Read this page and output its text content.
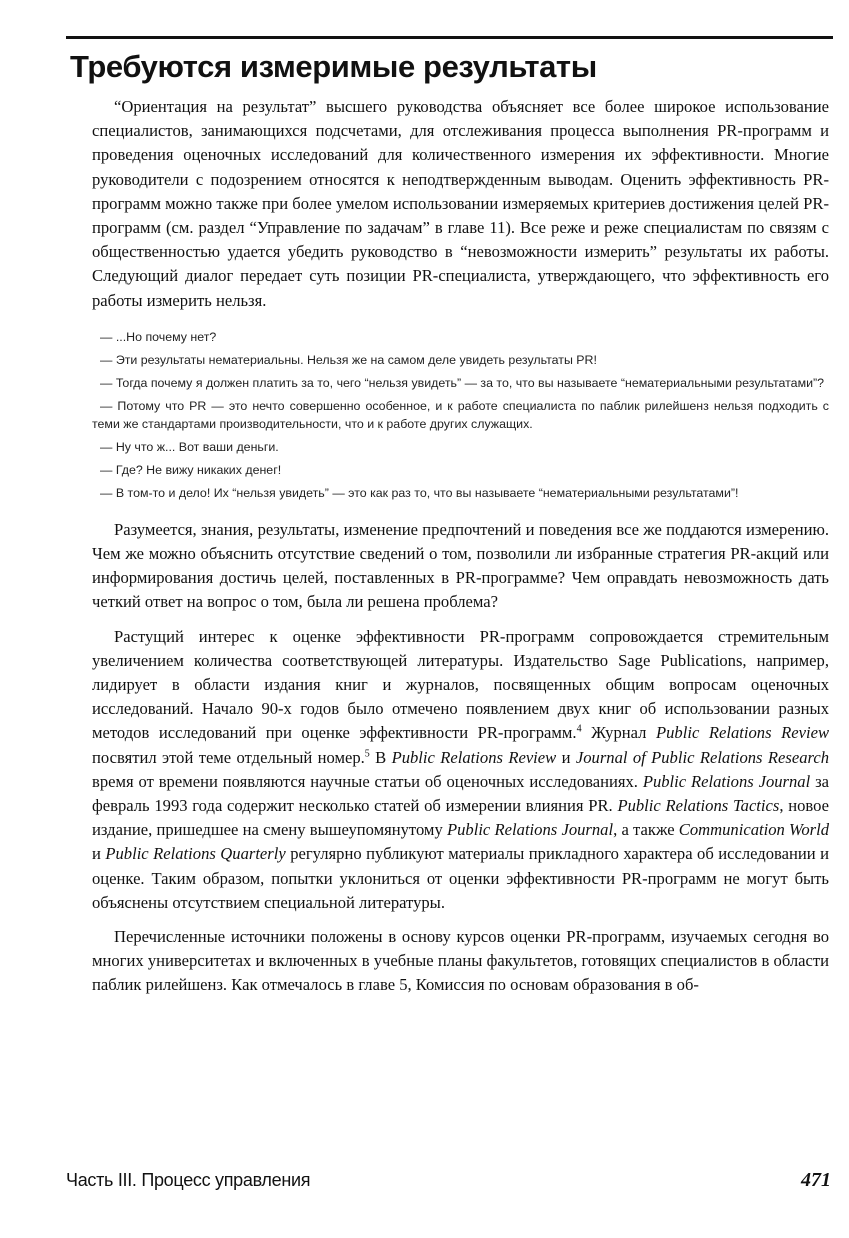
Требуются измеримые результаты

“Ориентация на результат” высшего руководства объясняет все более широкое использование специалистов, занимающихся подсчетами, для отслеживания процесса выполнения PR-программ и проведения оценочных исследований для количественного измерения их эффективности. Многие руководители с подозрением относятся к неподтвержденным выводам. Оценить эффективность PR-программ можно также при более умелом использовании измеряемых критериев достижения целей PR-программ (см. раздел “Управление по задачам” в главе 11). Все реже и реже специалистам по связям с общественностью удается убедить руководство в “невозможности измерить” результаты их работы. Следующий диалог передает суть позиции PR-специалиста, утверждающего, что эффективность его работы измерить нельзя.

— ...Но почему нет?

— Эти результаты нематериальны. Нельзя же на самом деле увидеть результаты PR!

— Тогда почему я должен платить за то, чего “нельзя увидеть” — за то, что вы называете “нематериальными результатами”?

— Потому что PR — это нечто совершенно особенное, и к работе специалиста по паблик рилейшенз нельзя подходить с теми же стандартами производительности, что и к работе других служащих.

— Ну что ж... Вот ваши деньги.

— Где? Не вижу никаких денег!

— В том-то и дело! Их “нельзя увидеть” — это как раз то, что вы называете “нематериальными результатами”!

Разумеется, знания, результаты, изменение предпочтений и поведения все же поддаются измерению. Чем же можно объяснить отсутствие сведений о том, позволили ли избранные стратегия PR-акций или информирования достичь целей, поставленных в PR-программе? Чем оправдать невозможность дать четкий ответ на вопрос о том, была ли решена проблема?

Растущий интерес к оценке эффективности PR-программ сопровождается стремительным увеличением количества соответствующей литературы. Издательство Sage Publications, например, лидирует в области издания книг и журналов, посвященных общим вопросам оценочных исследований. Начало 90-х годов было отмечено появлением двух книг об использовании разных методов исследований при оценке эффективности PR-программ.$^4$ Журнал Public Relations Review посвятил этой теме отдельный номер.$^5$ В Public Relations Review и Journal of Public Relations Research время от времени появляются научные статьи об оценочных исследованиях. Public Relations Journal за февраль 1993 года содержит несколько статей об измерении влияния PR. Public Relations Tactics, новое издание, пришедшее на смену вышеупомянутому Public Relations Journal, а также Communication World и Public Relations Quarterly регулярно публикуют материалы прикладного характера об исследовании и оценке. Таким образом, попытки уклониться от оценки эффективности PR-программ не могут быть объяснены отсутствием специальной литературы.

Перечисленные источники положены в основу курсов оценки PR-программ, изучаемых сегодня во многих университетах и включенных в учебные планы факультетов, готовящих специалистов в области паблик рилейшенз. Как отмечалось в главе 5, Комиссия по основам образования в об-

Часть III. Процесс управления	471
